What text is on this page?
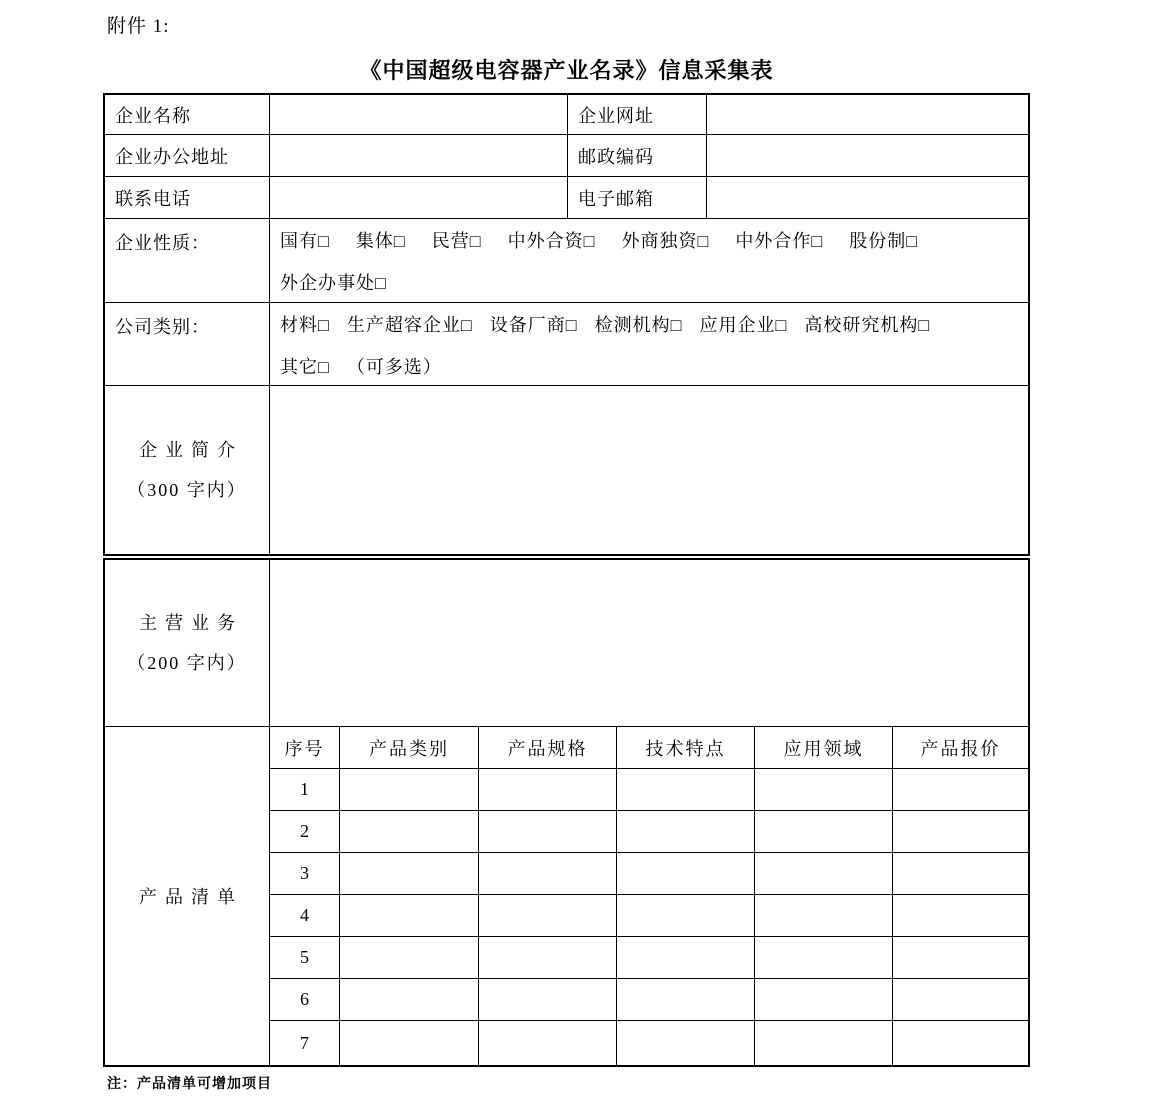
附件 1:
《中国超级电容器产业名录》信息采集表
企业名称	企业网址
企业办公地址	邮政编码
联系电话	电子邮箱
企业性质：	国有□ 集体□ 民营□ 中外合资□ 外商独资□ 中外合作□ 股份制□
外企办事处□
公司类别：	材料□ 生产超容企业□ 设备厂商□ 检测机构□ 应用企业□ 高校研究机构□
其它□ （可多选）
企业简介
（300 字内）
主营业务
（200 字内）
产品清单
序号	产品类别	产品规格	技术特点	应用领域	产品报价
1
2
3
4
5
6
7
注：产品清单可增加项目
